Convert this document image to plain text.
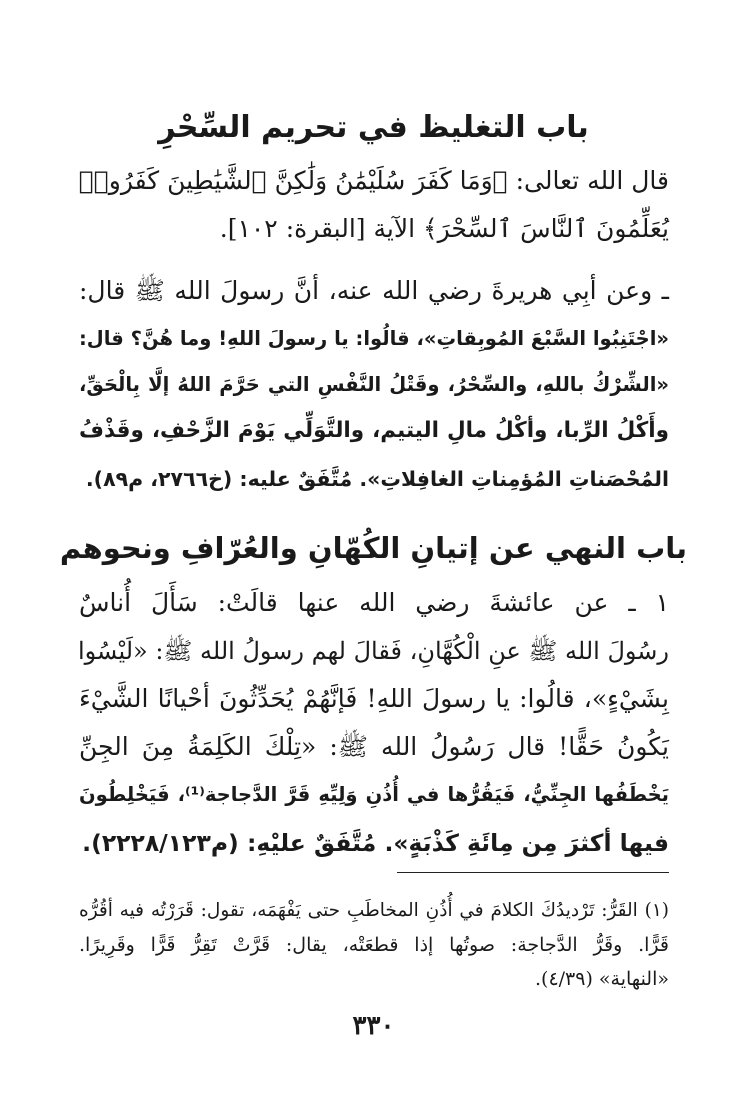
باب التغليظ في تحريم السِّحْرِ
قال الله تعالى: ﴿وَمَا كَفَرَ سُلَيْمَٰنُ وَلَٰكِنَّ ٱلشَّيَٰطِينَ كَفَرُوا۟
يُعَلِّمُونَ ٱلنَّاسَ ٱلسِّحْرَ﴾ الآية [البقرة: ١٠٢].
ـ وعن أبِي هريرةَ رضي الله عنه، أنَّ رسولَ الله ﷺ قال:
«اجْتَنِبُوا السَّبْعَ المُوبِقاتِ»، قالُوا: يا رسولَ اللهِ! وما هُنَّ؟ قال:
«الشِّرْكُ باللهِ، والسِّحْرُ، وقَتْلُ النَّفْسِ التي حَرَّمَ اللهُ إلَّا بِالْحَقِّ،
وأَكْلُ الرِّبا، وأكْلُ مالِ اليتيم، والتَّوَلِّي يَوْمَ الزَّحْفِ، وقَذْفُ
المُحْصَناتِ المُؤمِناتِ الغافِلاتِ». مُتَّفَقٌ عليه: (خ٢٧٦٦، م٨٩).
باب النهي عن إتيانِ الكُهّانِ والعُرّافِ ونحوهم
١ ـ عن عائشةَ رضي الله عنها قالَتْ: سَأَلَ أُناسٌ
رسُولَ الله ﷺ عنِ الْكُهَّانِ، فَقالَ لهم رسولُ الله ﷺ: «لَيْسُوا
بِشَيْءٍ»، قالُوا: يا رسولَ اللهِ! فَإنَّهُمْ يُحَدِّثُونَ أحْيانًا الشَّيْءَ
يَكُونُ حَقًّا! قال رَسُولُ الله ﷺ: «تِلْكَ الكَلِمَةُ مِنَ الجِنِّ
يَخْطَفُها الجِنِّيُّ، فَيَقُرُّها في أُذُنِ وَلِيِّهِ قَرَّ الدَّجاجة⁽¹⁾، فَيَخْلِطُونَ
فيها أكثرَ مِن مِائَةِ كَذْبَةٍ». مُتَّفَقٌ عليْهِ: (م٢٢٢٨/١٢٣).
(١) القَرُّ: تَرْديدُكَ الكلامَ في أُذُنِ المخاطَبِ حتى يَفْهَمَه، تقول: قَرَرْتُه فيه أقُرُّه
قَرًّا. وقَرُّ الدَّجاجة: صوتُها إذا قطعَتْه، يقال: قَرَّتْ تَقِرُّ قَرًّا وقَرِيرًا.
«النهاية» (٤/٣٩).
٣٣٠
